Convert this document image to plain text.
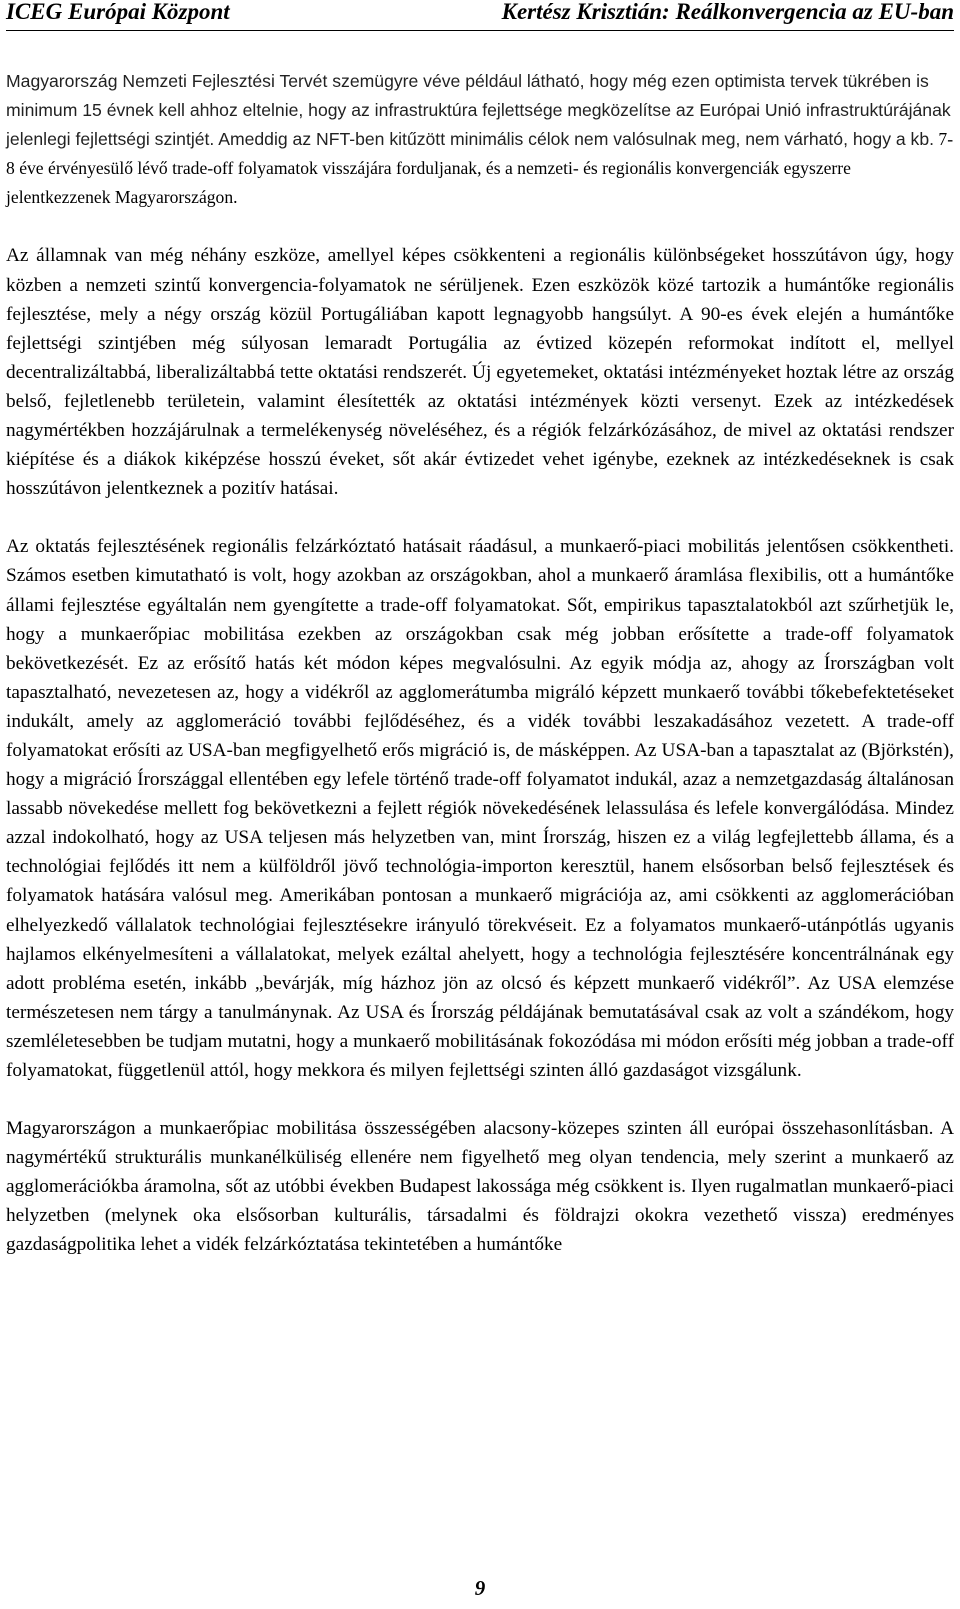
ICEG Európai Központ	Kertész Krisztián: Reálkonvergencia az EU-ban

Magyarország Nemzeti Fejlesztési Tervét szemügyre véve például látható, hogy még ezen optimista tervek tükrében is minimum 15 évnek kell ahhoz eltelnie, hogy az infrastruktúra fejlettsége megközelítse az Európai Unió infrastruktúrájának jelenlegi fejlettségi szintjét. Ameddig az NFT-ben kitűzött minimális célok nem valósulnak meg, nem várható, hogy a kb. 7-8 éve érvényesülő lévő trade-off folyamatok visszájára forduljanak, és a nemzeti- és regionális konvergenciák egyszerre jelentkezzenek Magyarországon.

Az államnak van még néhány eszköze, amellyel képes csökkenteni a regionális különbségeket hosszútávon úgy, hogy közben a nemzeti szintű konvergencia-folyamatok ne sérüljenek. Ezen eszközök közé tartozik a humántőke regionális fejlesztése, mely a négy ország közül Portugáliában kapott legnagyobb hangsúlyt. A 90-es évek elején a humántőke fejlettségi szintjében még súlyosan lemaradt Portugália az évtized közepén reformokat indított el, mellyel decentralizáltabbá, liberalizáltabbá tette oktatási rendszerét. Új egyetemeket, oktatási intézményeket hoztak létre az ország belső, fejletlenebb területein, valamint élesítették az oktatási intézmények közti versenyt. Ezek az intézkedések nagymértékben hozzájárulnak a termelékenység növeléséhez, és a régiók felzárkózásához, de mivel az oktatási rendszer kiépítése és a diákok kiképzése hosszú éveket, sőt akár évtizedet vehet igénybe, ezeknek az intézkedéseknek is csak hosszútávon jelentkeznek a pozitív hatásai.

Az oktatás fejlesztésének regionális felzárkóztató hatásait ráadásul, a munkaerő-piaci mobilitás jelentősen csökkentheti. Számos esetben kimutatható is volt, hogy azokban az országokban, ahol a munkaerő áramlása flexibilis, ott a humántőke állami fejlesztése egyáltalán nem gyengítette a trade-off folyamatokat. Sőt, empirikus tapasztalatokból azt szűrhetjük le, hogy a munkaerőpiac mobilitása ezekben az országokban csak még jobban erősítette a trade-off folyamatok bekövetkezését. Ez az erősítő hatás két módon képes megvalósulni. Az egyik módja az, ahogy az Írországban volt tapasztalható, nevezetesen az, hogy a vidékről az agglomerátumba migráló képzett munkaerő további tőkebefektetéseket indukált, amely az agglomeráció további fejlődéséhez, és a vidék további leszakadásához vezetett. A trade-off folyamatokat erősíti az USA-ban megfigyelhető erős migráció is, de másképpen. Az USA-ban a tapasztalat az (Björkstén), hogy a migráció Írországgal ellentében egy lefele történő trade-off folyamatot indukál, azaz a nemzetgazdaság általánosan lassabb növekedése mellett fog bekövetkezni a fejlett régiók növekedésének lelassulása és lefele konvergálódása. Mindez azzal indokolható, hogy az USA teljesen más helyzetben van, mint Írország, hiszen ez a világ legfejlettebb állama, és a technológiai fejlődés itt nem a külföldről jövő technológia-importon keresztül, hanem elsősorban belső fejlesztések és folyamatok hatására valósul meg. Amerikában pontosan a munkaerő migrációja az, ami csökkenti az agglomerációban elhelyezkedő vállalatok technológiai fejlesztésekre irányuló törekvéseit. Ez a folyamatos munkaerő-utánpótlás ugyanis hajlamos elkényelmesíteni a vállalatokat, melyek ezáltal ahelyett, hogy a technológia fejlesztésére koncentrálnának egy adott probléma esetén, inkább „bevárják, míg házhoz jön az olcsó és képzett munkaerő vidékről”. Az USA elemzése természetesen nem tárgy a tanulmánynak. Az USA és Írország példájának bemutatásával csak az volt a szándékom, hogy szemléletesebben be tudjam mutatni, hogy a munkaerő mobilitásának fokozódása mi módon erősíti még jobban a trade-off folyamatokat, függetlenül attól, hogy mekkora és milyen fejlettségi szinten álló gazdaságot vizsgálunk.

Magyarországon a munkaerőpiac mobilitása összességében alacsony-közepes szinten áll európai összehasonlításban. A nagymértékű strukturális munkanélküliség ellenére nem figyelhető meg olyan tendencia, mely szerint a munkaerő az agglomerációkba áramolna, sőt az utóbbi években Budapest lakossága még csökkent is. Ilyen rugalmatlan munkaerő-piaci helyzetben (melynek oka elsősorban kulturális, társadalmi és földrajzi okokra vezethető vissza) eredményes gazdaságpolitika lehet a vidék felzárkóztatása tekintetében a humántőke

9
